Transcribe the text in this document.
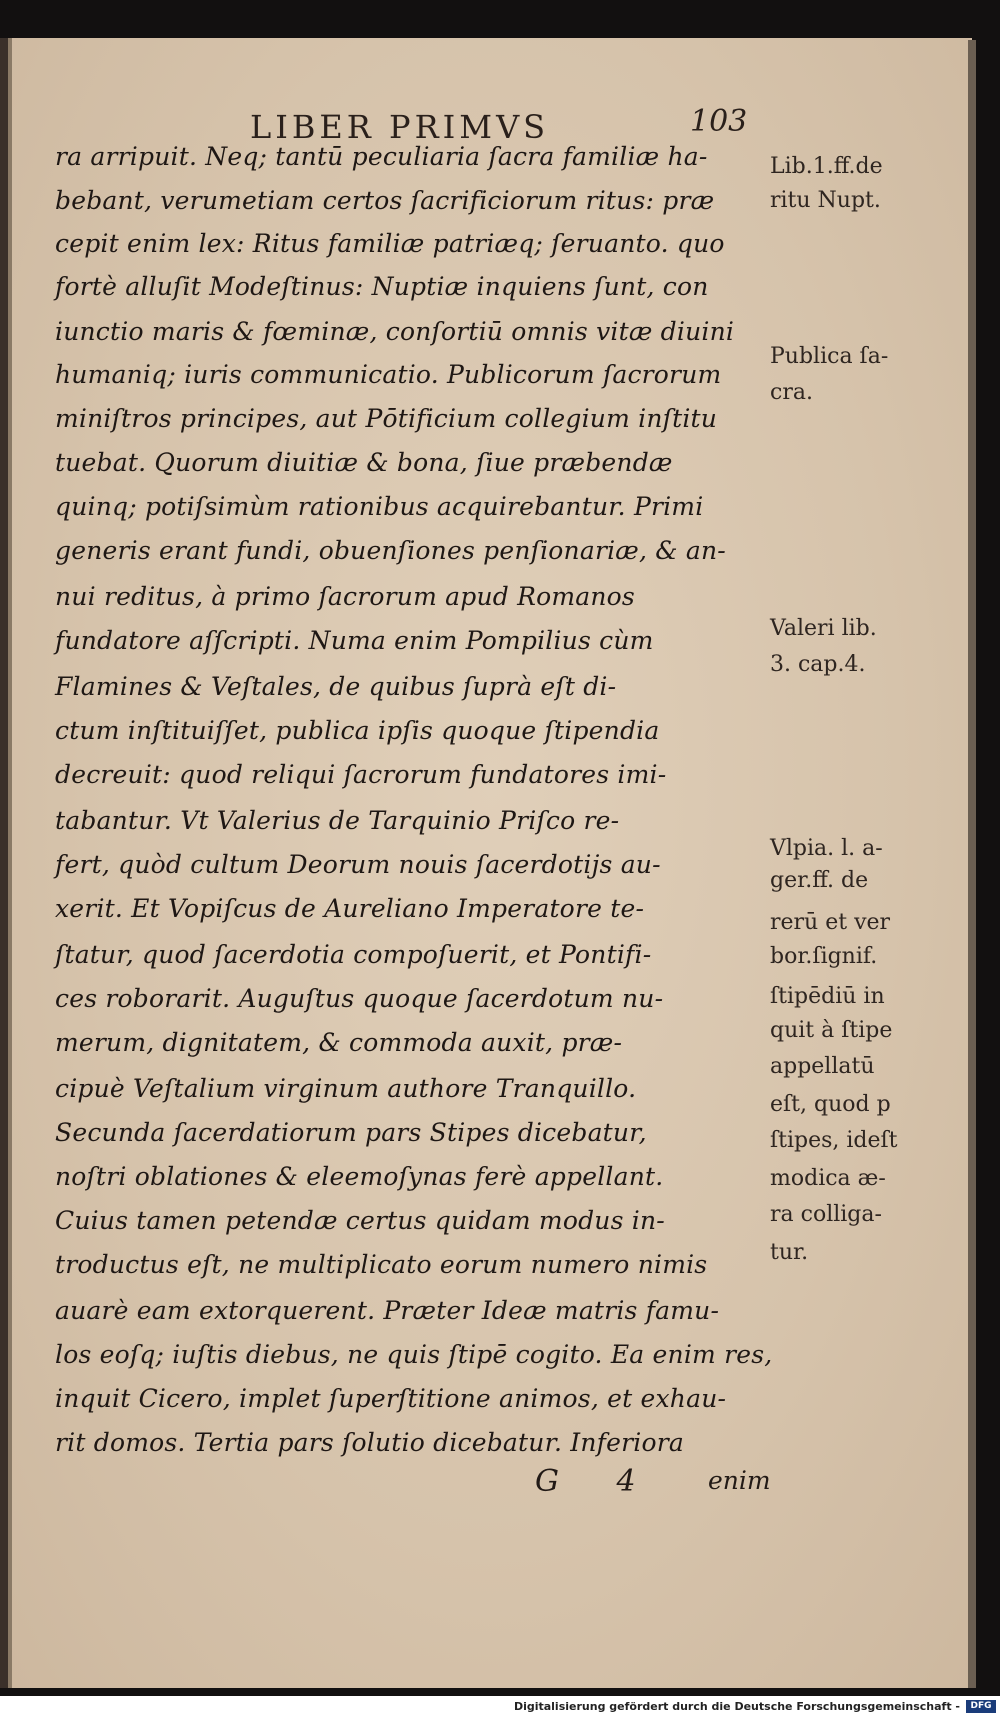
LIBER PRIMVS	103
ra arripuit. Neq; tantū peculiaria ſacra familiæ ha-
bebant, verumetiam certos ſacrificiorum ritus: præ
cepit enim lex: Ritus familiæ patriæq; ſeruanto. quo
fortè alluſit Modeſtinus: Nuptiæ inquiens ſunt, con
iunctio maris & fœminæ, conſortiū omnis vitæ diuini
humaniq; iuris communicatio. Publicorum ſacrorum
miniſtros principes, aut Pōtificium collegium inſtitu
tuebat. Quorum diuitiæ & bona, ſiue præbendæ
quinq; potiſsimùm rationibus acquirebantur. Primi
generis erant fundi, obuenſiones penſionariæ, & an-
nui reditus, à primo ſacrorum apud Romanos
fundatore aſſcripti. Numa enim Pompilius cùm
Flamines & Veſtales, de quibus ſuprà eſt di-
ctum inſtituiſſet, publica ipſis quoque ſtipendia
decreuit: quod reliqui ſacrorum fundatores imi-
tabantur. Vt Valerius de Tarquinio Priſco re-
fert, quòd cultum Deorum nouis ſacerdotijs au-
xerit. Et Vopiſcus de Aureliano Imperatore te-
ſtatur, quod ſacerdotia compoſuerit, et Pontifi-
ces roborarit. Auguſtus quoque ſacerdotum nu-
merum, dignitatem, & commoda auxit, præ-
cipuè Veſtalium virginum authore Tranquillo.
Secunda ſacerdatiorum pars Stipes dicebatur,
noſtri oblationes & eleemoſynas ferè appellant.
Cuius tamen petendæ certus quidam modus in-
troductus eſt, ne multiplicato eorum numero nimis
auarè eam extorquerent. Præter Ideæ matris famu-
los eoſq; iuſtis diebus, ne quis ſtipē cogito. Ea enim res,
inquit Cicero, implet ſuperſtitione animos, et exhau-
rit domos. Tertia pars ſolutio dicebatur. Inferiora
Lib.1.ff.de
ritu Nupt.
Publica ſa-
cra.
Valeri lib.
3. cap.4.
Vlpia. l. a-
ger.ff. de
rerū et ver
bor.ſignif.
ſtipēdiū in
quit à ſtipe
appellatū
eſt, quod p
ſtipes, ideſt
modica æ-
ra colliga-
tur.
G 4 enim
Digitalisierung gefördert durch die Deutsche Forschungsgemeinschaft -	DFG
